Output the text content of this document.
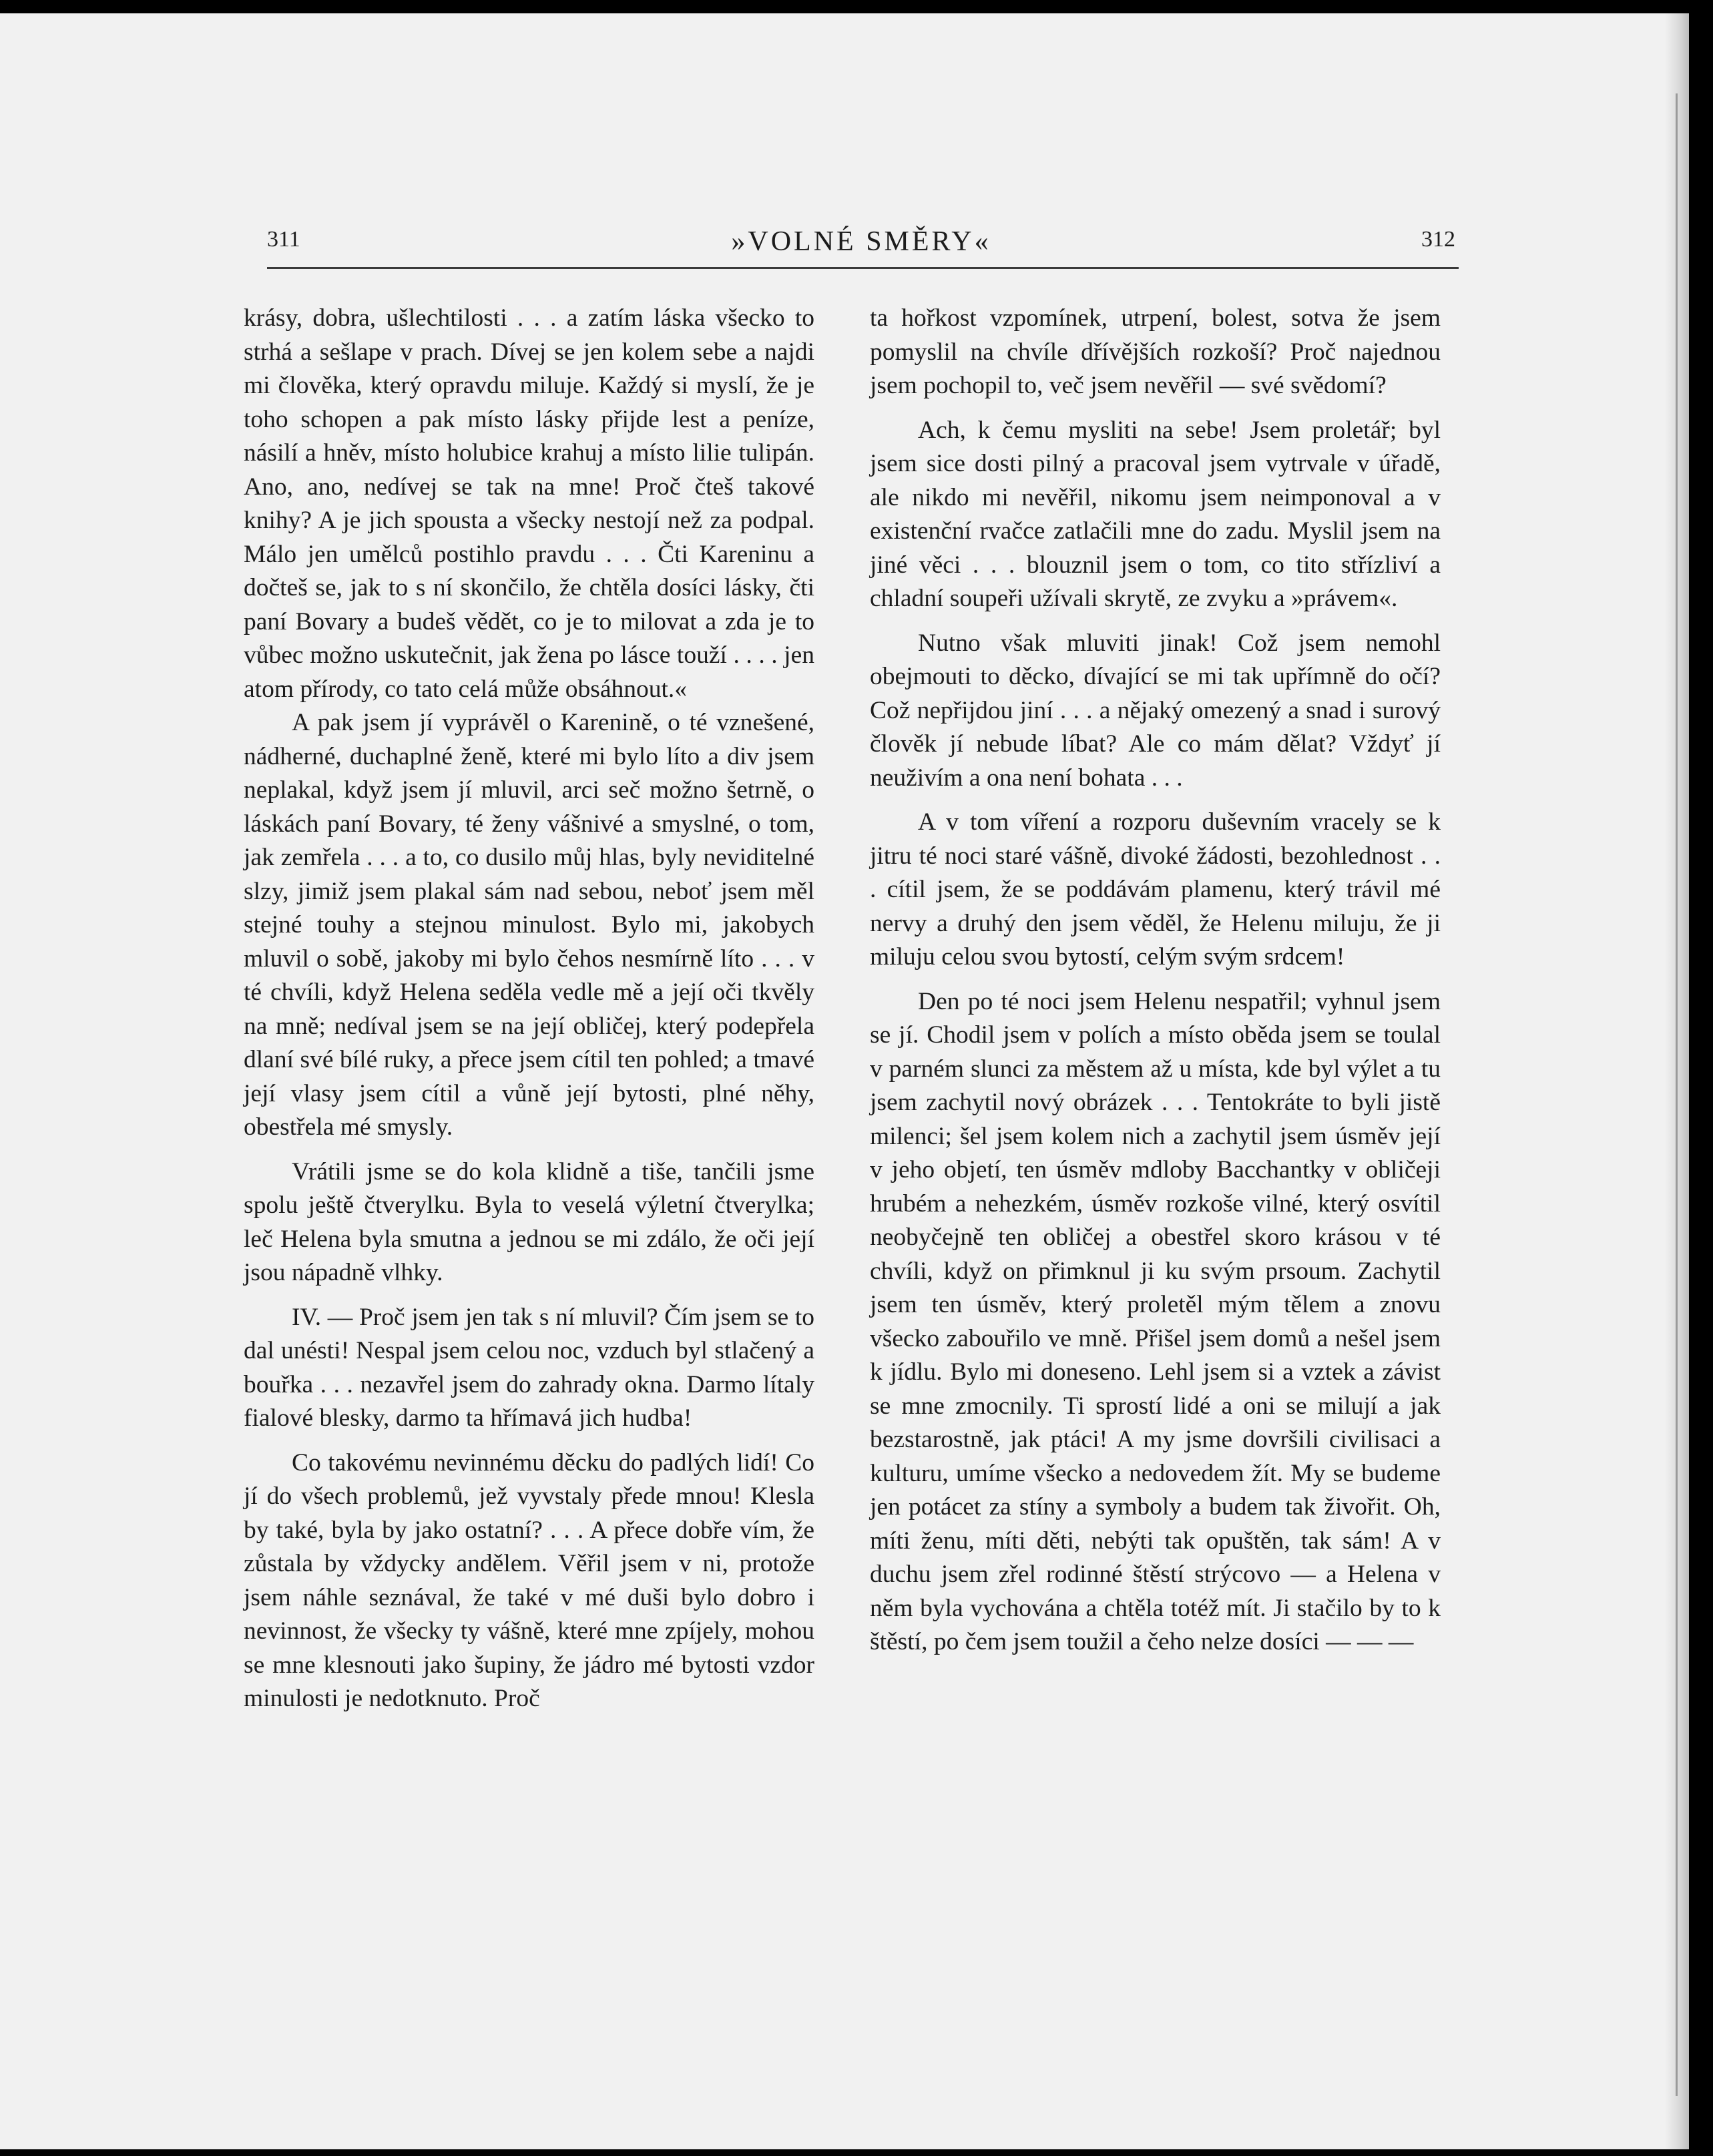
311	»VOLNÉ SMĚRY«	312

krásy, dobra, ušlechtilosti . . . a zatím láska všecko to strhá a sešlape v prach. Dívej se jen kolem sebe a najdi mi člověka, který opravdu miluje. Každý si myslí, že je toho schopen a pak místo lásky přijde lest a peníze, násilí a hněv, místo holubice krahuj a místo lilie tulipán. Ano, ano, nedívej se tak na mne! Proč čteš takové knihy? A je jich spousta a všecky nestojí než za podpal. Málo jen umělců postihlo pravdu . . . Čti Kareninu a dočteš se, jak to s ní skončilo, že chtěla dosíci lásky, čti paní Bovary a budeš vědět, co je to milovat a zda je to vůbec možno uskutečnit, jak žena po lásce touží . . . . jen atom přírody, co tato celá může obsáhnout.«

A pak jsem jí vyprávěl o Karenině, o té vznešené, nádherné, duchaplné ženě, které mi bylo líto a div jsem neplakal, když jsem jí mluvil, arci seč možno šetrně, o láskách paní Bovary, té ženy vášnivé a smyslné, o tom, jak zemřela . . . a to, co dusilo můj hlas, byly neviditelné slzy, jimiž jsem plakal sám nad sebou, neboť jsem měl stejné touhy a stejnou minulost. Bylo mi, jakobych mluvil o sobě, jakoby mi bylo čehos nesmírně líto . . . v té chvíli, když Helena seděla vedle mě a její oči tkvěly na mně; nedíval jsem se na její obličej, který podepřela dlaní své bílé ruky, a přece jsem cítil ten pohled; a tmavé její vlasy jsem cítil a vůně její bytosti, plné něhy, obestřela mé smysly.

Vrátili jsme se do kola klidně a tiše, tančili jsme spolu ještě čtverylku. Byla to veselá výletní čtverylka; leč Helena byla smutna a jednou se mi zdálo, že oči její jsou nápadně vlhky.

IV. — Proč jsem jen tak s ní mluvil? Čím jsem se to dal unésti! Nespal jsem celou noc, vzduch byl stlačený a bouřka . . . nezavřel jsem do zahrady okna. Darmo lítaly fialové blesky, darmo ta hřímavá jich hudba!

Co takovému nevinnému děcku do padlých lidí! Co jí do všech problemů, jež vyvstaly přede mnou! Klesla by také, byla by jako ostatní? . . . A přece dobře vím, že zůstala by vždycky andělem. Věřil jsem v ni, protože jsem náhle seznával, že také v mé duši bylo dobro i nevinnost, že všecky ty vášně, které mne zpíjely, mohou se mne klesnouti jako šupiny, že jádro mé bytosti vzdor minulosti je nedotknuto. Proč

ta hořkost vzpomínek, utrpení, bolest, sotva že jsem pomyslil na chvíle dřívějších rozkoší? Proč najednou jsem pochopil to, več jsem nevěřil — své svědomí?

Ach, k čemu mysliti na sebe! Jsem proletář; byl jsem sice dosti pilný a pracoval jsem vytrvale v úřadě, ale nikdo mi nevěřil, nikomu jsem neimponoval a v existenční rvačce zatlačili mne do zadu. Myslil jsem na jiné věci . . . blouznil jsem o tom, co tito střízliví a chladní soupeři užívali skrytě, ze zvyku a »právem«.

Nutno však mluviti jinak! Což jsem nemohl obejmouti to děcko, dívající se mi tak upřímně do očí? Což nepřijdou jiní . . . a nějaký omezený a snad i surový člověk jí nebude líbat? Ale co mám dělat? Vždyť jí neuživím a ona není bohata . . .

A v tom víření a rozporu duševním vracely se k jitru té noci staré vášně, divoké žádosti, bezohlednost . . . cítil jsem, že se poddávám plamenu, který trávil mé nervy a druhý den jsem věděl, že Helenu miluju, že ji miluju celou svou bytostí, celým svým srdcem!

Den po té noci jsem Helenu nespatřil; vyhnul jsem se jí. Chodil jsem v polích a místo oběda jsem se toulal v parném slunci za městem až u místa, kde byl výlet a tu jsem zachytil nový obrázek . . . Tentokráte to byli jistě milenci; šel jsem kolem nich a zachytil jsem úsměv její v jeho objetí, ten úsměv mdloby Bacchantky v obličeji hrubém a nehezkém, úsměv rozkoše vilné, který osvítil neobyčejně ten obličej a obestřel skoro krásou v té chvíli, když on přimknul ji ku svým prsoum. Zachytil jsem ten úsměv, který proletěl mým tělem a znovu všecko zabouřilo ve mně. Přišel jsem domů a nešel jsem k jídlu. Bylo mi doneseno. Lehl jsem si a vztek a závist se mne zmocnily. Ti sprostí lidé a oni se milují a jak bezstarostně, jak ptáci! A my jsme dovršili civilisaci a kulturu, umíme všecko a nedovedem žít. My se budeme jen potácet za stíny a symboly a budem tak živořit. Oh, míti ženu, míti děti, nebýti tak opuštěn, tak sám! A v duchu jsem zřel rodinné štěstí strýcovo — a Helena v něm byla vychována a chtěla totéž mít. Ji stačilo by to k štěstí, po čem jsem toužil a čeho nelze dosíci — — —
